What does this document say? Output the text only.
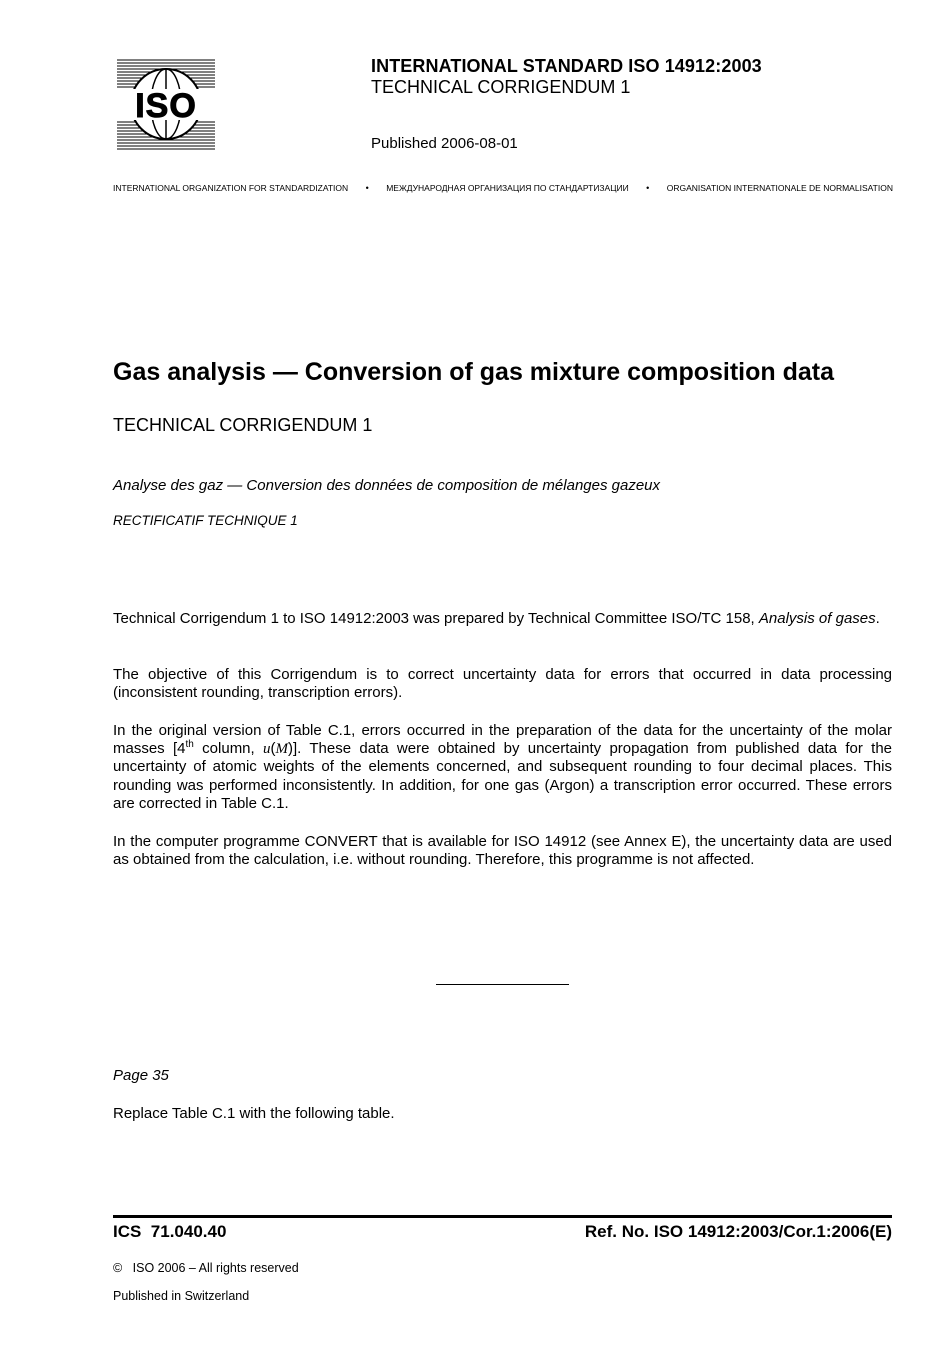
ISO
INTERNATIONAL STANDARD ISO 14912:2003
TECHNICAL CORRIGENDUM 1
Published 2006-08-01
INTERNATIONAL ORGANIZATION FOR STANDARDIZATION • МЕЖДУНАРОДНАЯ ОРГАНИЗАЦИЯ ПО СТАНДАРТИЗАЦИИ • ORGANISATION INTERNATIONALE DE NORMALISATION
Gas analysis — Conversion of gas mixture composition data
TECHNICAL CORRIGENDUM 1
Analyse des gaz — Conversion des données de composition de mélanges gazeux
RECTIFICATIF TECHNIQUE 1
Technical Corrigendum 1 to ISO 14912:2003 was prepared by Technical Committee ISO/TC 158, Analysis of gases.
The objective of this Corrigendum is to correct uncertainty data for errors that occurred in data processing (inconsistent rounding, transcription errors).
In the original version of Table C.1, errors occurred in the preparation of the data for the uncertainty of the molar masses [4th column, u(M)]. These data were obtained by uncertainty propagation from published data for the uncertainty of atomic weights of the elements concerned, and subsequent rounding to four decimal places. This rounding was performed inconsistently. In addition, for one gas (Argon) a transcription error occurred. These errors are corrected in Table C.1.
In the computer programme CONVERT that is available for ISO 14912 (see Annex E), the uncertainty data are used as obtained from the calculation, i.e. without rounding. Therefore, this programme is not affected.
Page 35
Replace Table C.1 with the following table.
ICS  71.040.40	Ref. No. ISO 14912:2003/Cor.1:2006(E)
©   ISO 2006 – All rights reserved
Published in Switzerland
